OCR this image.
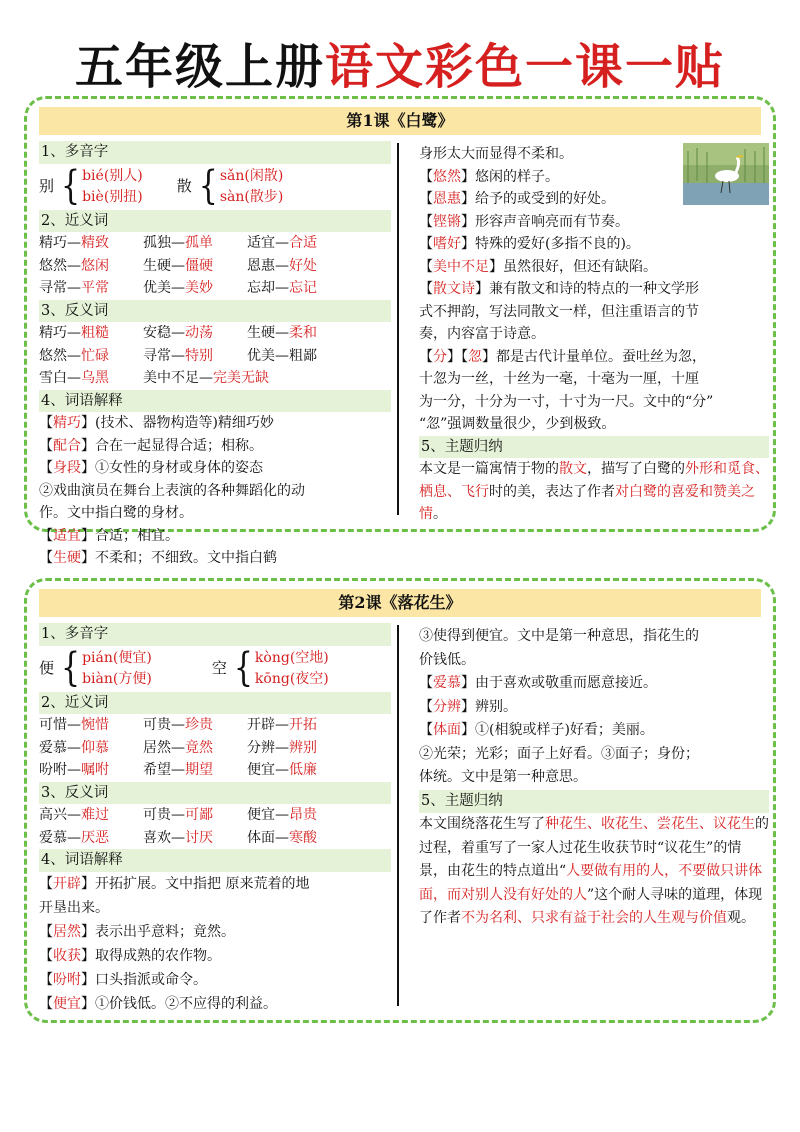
五年级上册语文彩色一课一贴
第1课《白鹭》
1、多音字
别 { bié(别人)
biè(别扭)
散 { sǎn(闲散)
sàn(散步)
2、近义词
精巧—精致	孤独—孤单	适宜—合适
悠然—悠闲	生硬—僵硬	恩惠—好处
寻常—平常	优美—美妙	忘却—忘记
3、反义词
精巧—粗糙	安稳—动荡	生硬—柔和
悠然—忙碌	寻常—特别	优美—粗鄙
雪白—乌黑	美中不足—完美无缺
4、词语解释
【精巧】(技术、器物构造等)精细巧妙
【配合】合在一起显得合适；相称。
【身段】①女性的身材或身体的姿态
②戏曲演员在舞台上表演的各种舞蹈化的动
作。文中指白鹭的身材。
【适宜】合适；相宜。
【生硬】不柔和；不细致。文中指白鹤
身形太大而显得不柔和。
【悠然】悠闲的样子。
【恩惠】给予的或受到的好处。
【铿锵】形容声音响亮而有节奏。
【嗜好】特殊的爱好(多指不良的)。
【美中不足】虽然很好，但还有缺陷。
【散文诗】兼有散文和诗的特点的一种文学形
式不押韵，写法同散文一样，但注重语言的节
奏，内容富于诗意。
【分】【忽】都是古代计量单位。蚕吐丝为忽，
十忽为一丝，十丝为一毫，十毫为一厘，十厘
为一分，十分为一寸，十寸为一尺。文中的“分”
“忽”强调数量很少，少到极致。
5、主题归纳
本文是一篇寓情于物的散文，描写了白鹭的外形和觅食、栖息、飞行时的美，表达了作者对白鹭的喜爱和赞美之情。
第2课《落花生》
1、多音字
便 { pián(便宜)
biàn(方便)
空 { kòng(空地)
kōng(夜空)
2、近义词
可惜—惋惜	可贵—珍贵	开辟—开拓
爱慕—仰慕	居然—竟然	分辨—辨别
吩咐—嘱咐	希望—期望	便宜—低廉
3、反义词
高兴—难过	可贵—可鄙	便宜—昂贵
爱慕—厌恶	喜欢—讨厌	体面—寒酸
4、词语解释
【开辟】开拓扩展。文中指把 原来荒着的地
开垦出来。
【居然】表示出乎意料；竟然。
【收获】取得成熟的农作物。
【吩咐】口头指派或命令。
【便宜】①价钱低。②不应得的利益。
③使得到便宜。文中是第一种意思，指花生的
价钱低。
【爱慕】由于喜欢或敬重而愿意接近。
【分辨】辨别。
【体面】①(相貌或样子)好看；美丽。
②光荣；光彩；面子上好看。③面子；身份；
体统。文中是第一种意思。
5、主题归纳
本文围绕落花生写了种花生、收花生、尝花生、议花生的过程，着重写了一家人过花生收获节时“议花生”的情景，由花生的特点道出“人要做有用的人，不要做只讲体面，而对别人没有好处的人”这个耐人寻味的道理，体现了作者不为名利、只求有益于社会的人生观与价值观。
